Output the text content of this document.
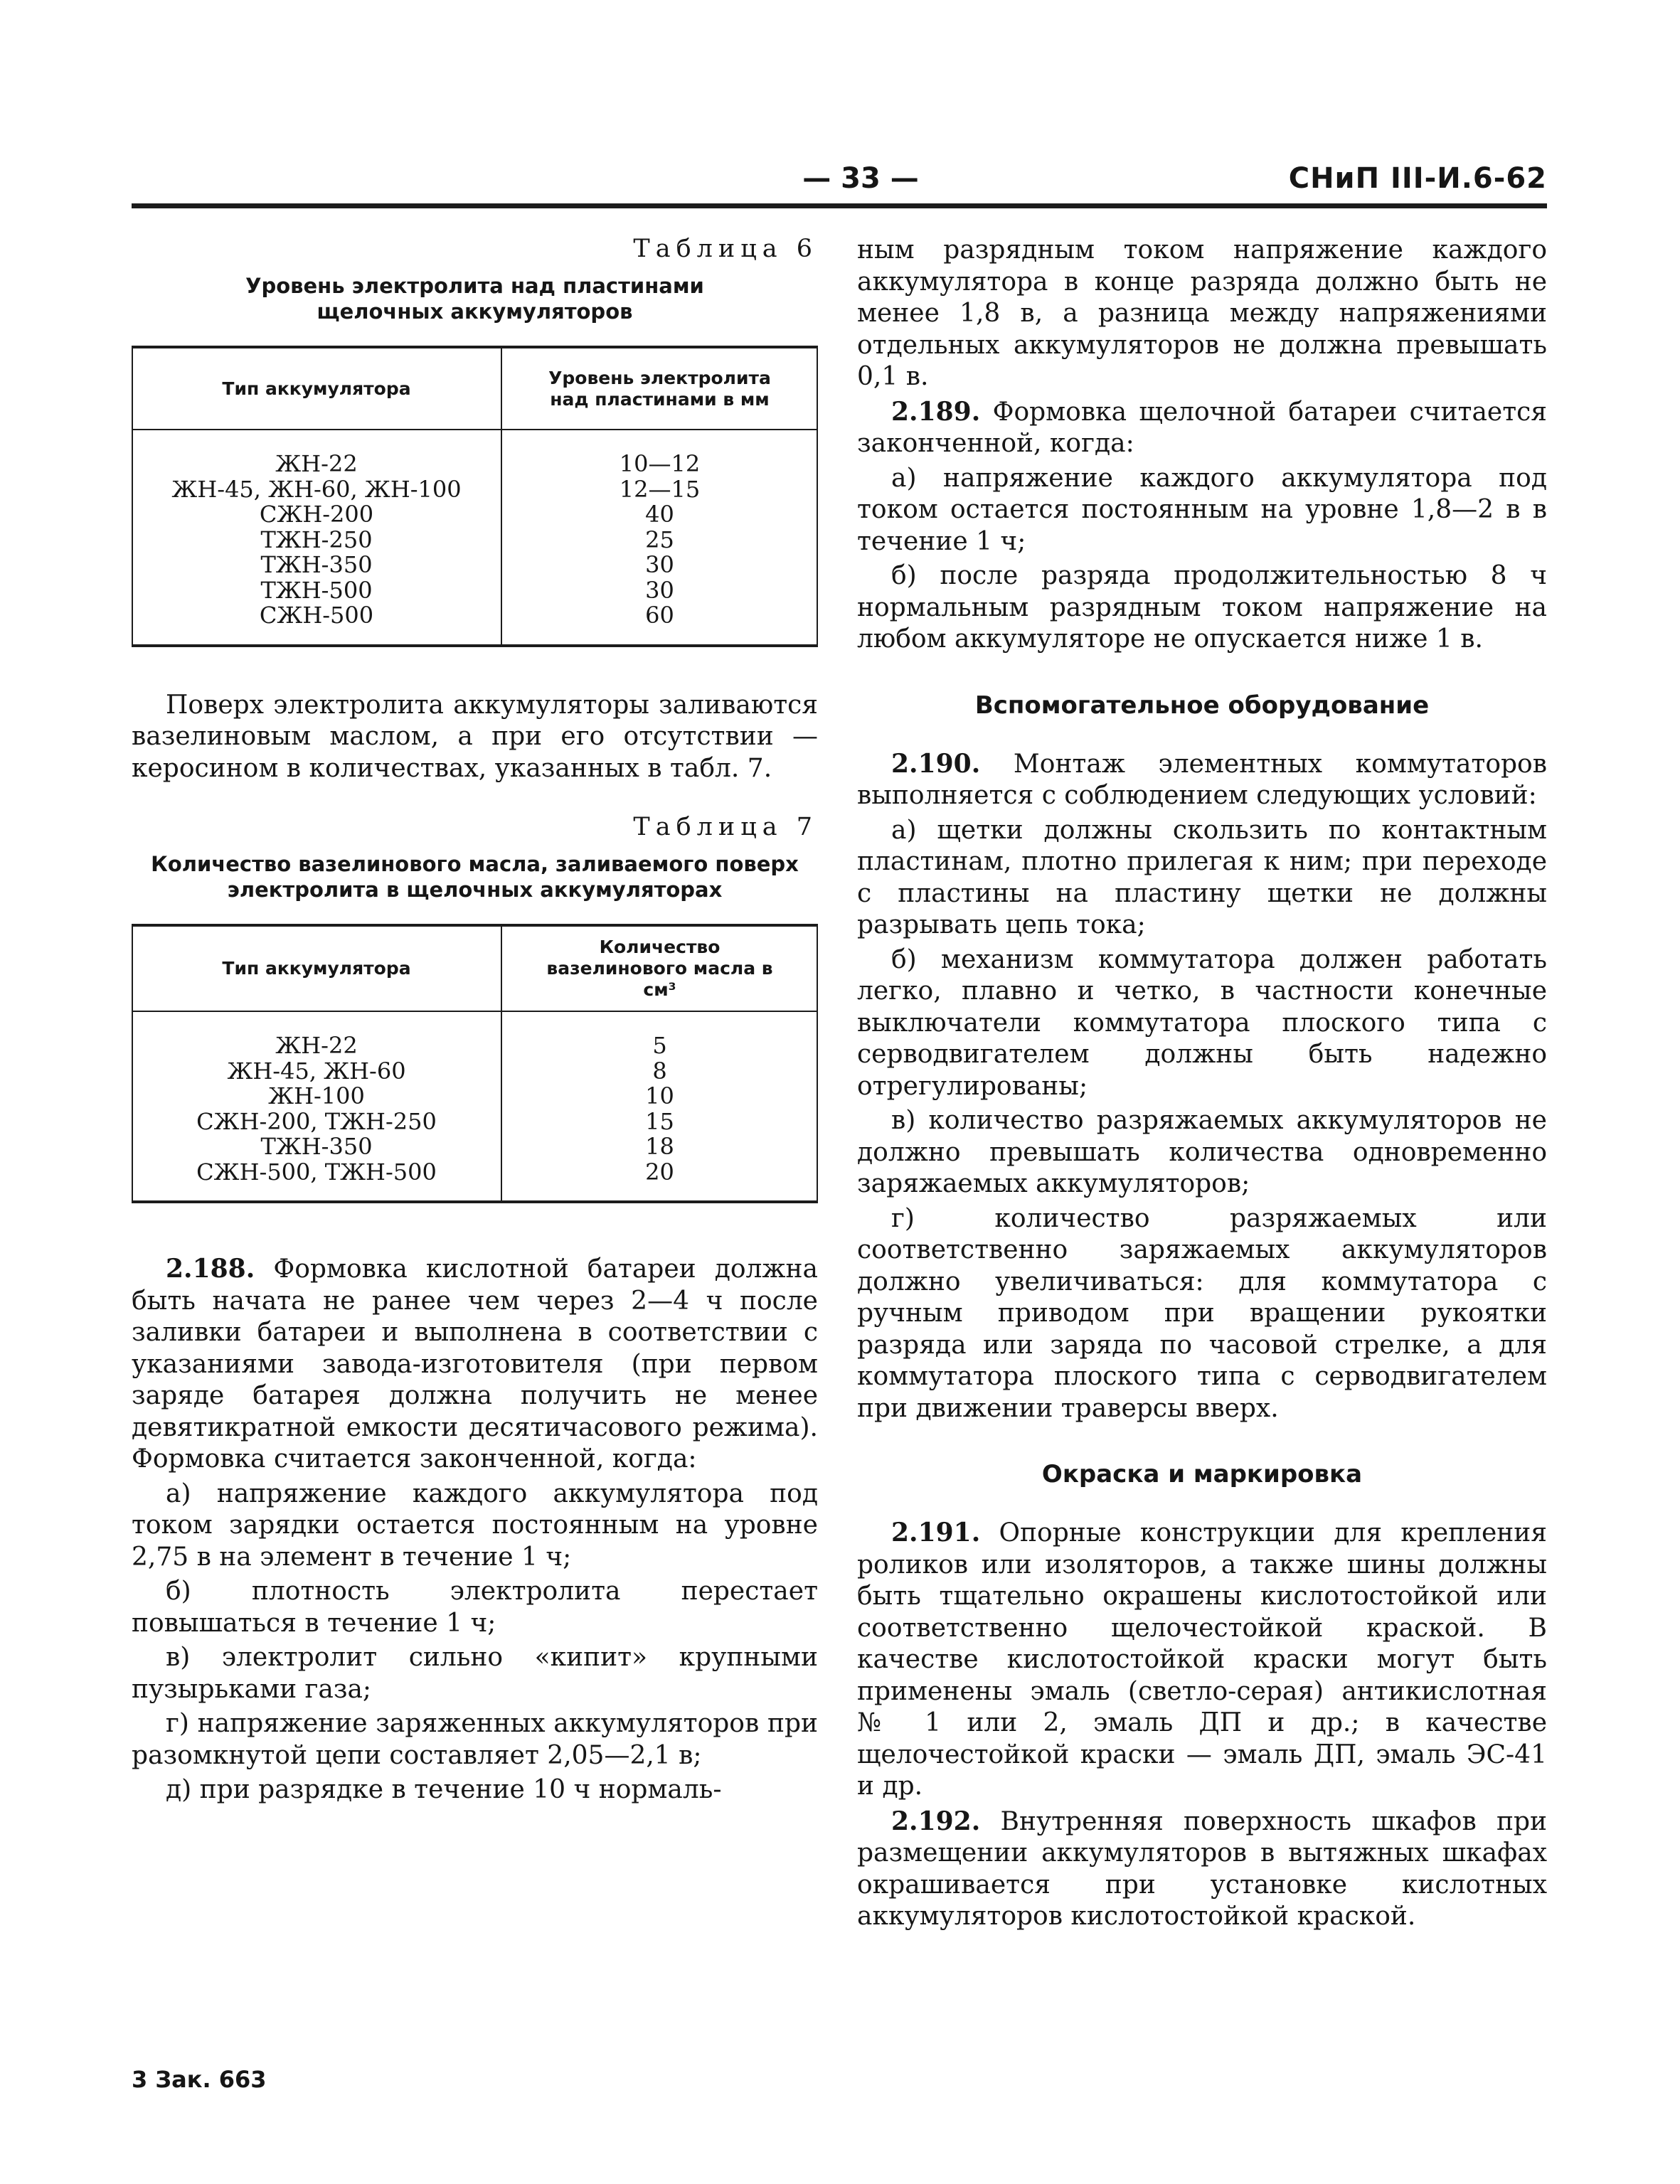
— 33 —	СНиП III-И.6-62

Таблица 6

Уровень электролита над пластинами щелочных аккумуляторов

Тип аккумулятора
Уровень электролита над пластинами в мм
ЖН-22
ЖН-45, ЖН-60, ЖН-100
СЖН-200
ТЖН-250
ТЖН-350
ТЖН-500
СЖН-500
10—12
12—15
40
25
30
30
60

Поверх электролита аккумуляторы заливаются вазелиновым маслом, а при его отсутствии — керосином в количествах, указанных в табл. 7.

Таблица 7

Количество вазелинового масла, заливаемого поверх электролита в щелочных аккумуляторах

Тип аккумулятора
Количество вазелинового масла в см³
ЖН-22
ЖН-45, ЖН-60
ЖН-100
СЖН-200, ТЖН-250
ТЖН-350
СЖН-500, ТЖН-500
5
8
10
15
18
20

2.188. Формовка кислотной батареи должна быть начата не ранее чем через 2—4 ч после заливки батареи и выполнена в соответствии с указаниями завода-изготовителя (при первом заряде батарея должна получить не менее девятикратной емкости десятичасового режима). Формовка считается законченной, когда:

а) напряжение каждого аккумулятора под током зарядки остается постоянным на уровне 2,75 в на элемент в течение 1 ч;

б) плотность электролита перестает повышаться в течение 1 ч;

в) электролит сильно «кипит» крупными пузырьками газа;

г) напряжение заряженных аккумуляторов при разомкнутой цепи составляет 2,05—2,1 в;

д) при разрядке в течение 10 ч нормаль-

ным разрядным током напряжение каждого аккумулятора в конце разряда должно быть не менее 1,8 в, а разница между напряжениями отдельных аккумуляторов не должна превышать 0,1 в.

2.189. Формовка щелочной батареи считается законченной, когда:

а) напряжение каждого аккумулятора под током остается постоянным на уровне 1,8—2 в в течение 1 ч;

б) после разряда продолжительностью 8 ч нормальным разрядным током напряжение на любом аккумуляторе не опускается ниже 1 в.

Вспомогательное оборудование

2.190. Монтаж элементных коммутаторов выполняется с соблюдением следующих условий:

а) щетки должны скользить по контактным пластинам, плотно прилегая к ним; при переходе с пластины на пластину щетки не должны разрывать цепь тока;

б) механизм коммутатора должен работать легко, плавно и четко, в частности конечные выключатели коммутатора плоского типа с серводвигателем должны быть надежно отрегулированы;

в) количество разряжаемых аккумуляторов не должно превышать количества одновременно заряжаемых аккумуляторов;

г) количество разряжаемых или соответственно заряжаемых аккумуляторов должно увеличиваться: для коммутатора с ручным приводом при вращении рукоятки разряда или заряда по часовой стрелке, а для коммутатора плоского типа с серводвигателем при движении траверсы вверх.

Окраска и маркировка

2.191. Опорные конструкции для крепления роликов или изоляторов, а также шины должны быть тщательно окрашены кислотостойкой или соответственно щелочестойкой краской. В качестве кислотостойкой краски могут быть применены эмаль (светло-серая) антикислотная № 1 или 2, эмаль ДП и др.; в качестве щелочестойкой краски — эмаль ДП, эмаль ЭС-41 и др.

2.192. Внутренняя поверхность шкафов при размещении аккумуляторов в вытяжных шкафах окрашивается при установке кислотных аккумуляторов кислотостойкой краской.

3 Зак. 663
